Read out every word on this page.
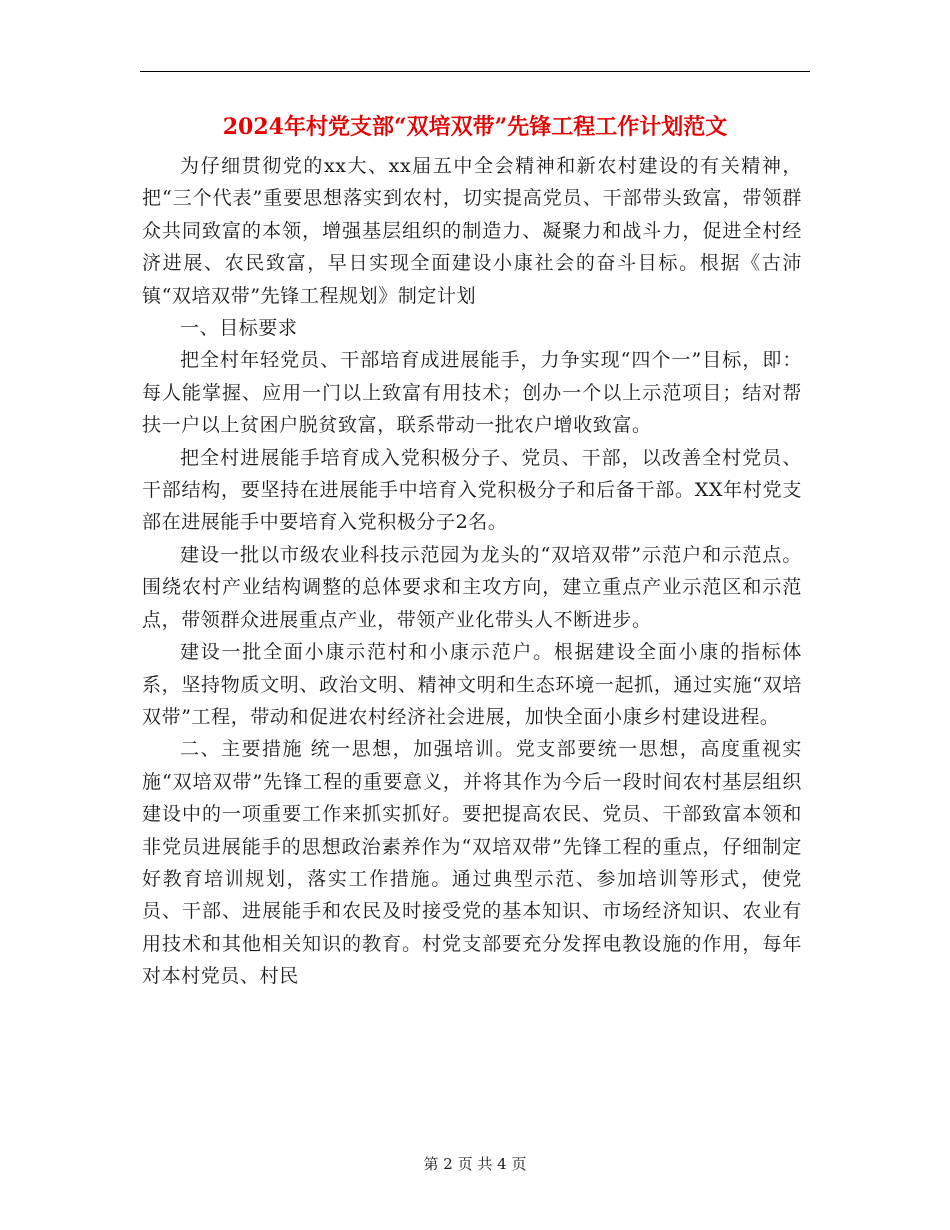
2024年村党支部“双培双带”先锋工程工作计划范文

为仔细贯彻党的xx大、xx届五中全会精神和新农村建设的有关精神，把“三个代表”重要思想落实到农村，切实提高党员、干部带头致富，带领群众共同致富的本领，增强基层组织的制造力、凝聚力和战斗力，促进全村经济进展、农民致富，早日实现全面建设小康社会的奋斗目标。根据《古沛镇“双培双带”先锋工程规划》制定计划

一、目标要求

把全村年轻党员、干部培育成进展能手，力争实现“四个一”目标，即：每人能掌握、应用一门以上致富有用技术；创办一个以上示范项目；结对帮扶一户以上贫困户脱贫致富，联系带动一批农户增收致富。

把全村进展能手培育成入党积极分子、党员、干部，以改善全村党员、干部结构，要坚持在进展能手中培育入党积极分子和后备干部。XX年村党支部在进展能手中要培育入党积极分子2名。

建设一批以市级农业科技示范园为龙头的“双培双带”示范户和示范点。围绕农村产业结构调整的总体要求和主攻方向，建立重点产业示范区和示范点，带领群众进展重点产业，带领产业化带头人不断进步。

建设一批全面小康示范村和小康示范户。根据建设全面小康的指标体系，坚持物质文明、政治文明、精神文明和生态环境一起抓，通过实施“双培双带”工程，带动和促进农村经济社会进展，加快全面小康乡村建设进程。

二、主要措施 统一思想，加强培训。党支部要统一思想，高度重视实施“双培双带”先锋工程的重要意义，并将其作为今后一段时间农村基层组织建设中的一项重要工作来抓实抓好。要把提高农民、党员、干部致富本领和非党员进展能手的思想政治素养作为“双培双带”先锋工程的重点，仔细制定好教育培训规划，落实工作措施。通过典型示范、参加培训等形式，使党员、干部、进展能手和农民及时接受党的基本知识、市场经济知识、农业有用技术和其他相关知识的教育。村党支部要充分发挥电教设施的作用，每年对本村党员、村民

第 2 页 共 4 页
